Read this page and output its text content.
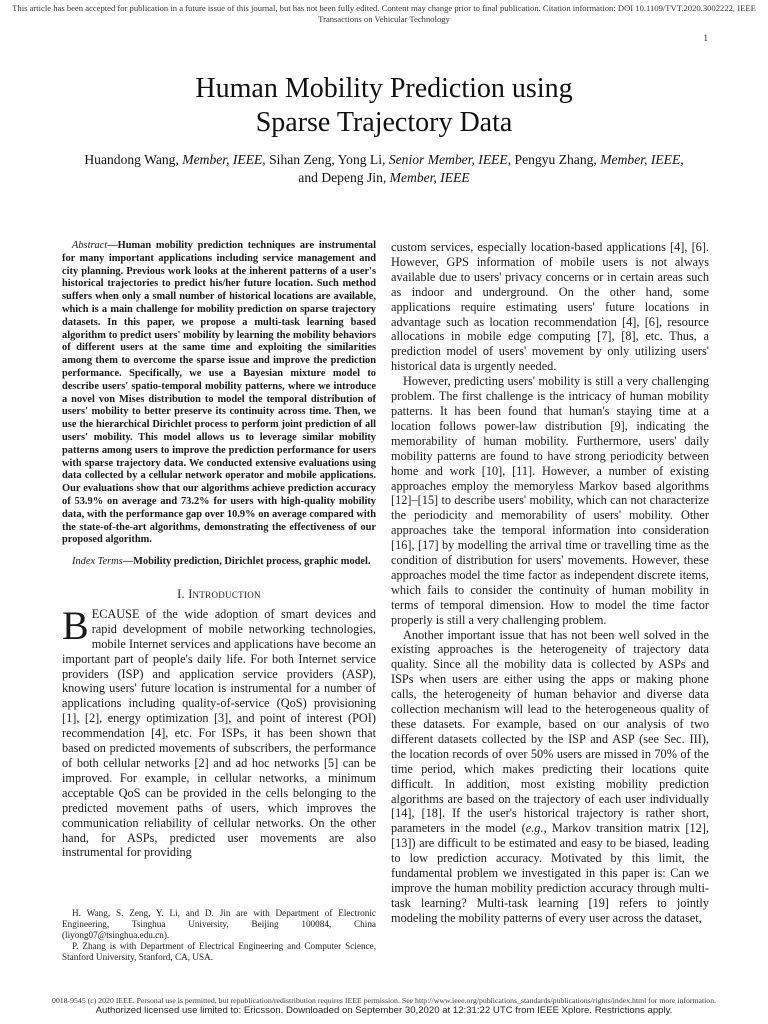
This article has been accepted for publication in a future issue of this journal, but has not been fully edited. Content may change prior to final publication. Citation information: DOI 10.1109/TVT.2020.3002222, IEEE
Transactions on Vehicular Technology
1
Human Mobility Prediction using
Sparse Trajectory Data
Huandong Wang, Member, IEEE, Sihan Zeng, Yong Li, Senior Member, IEEE, Pengyu Zhang, Member, IEEE,
and Depeng Jin, Member, IEEE

Abstract—Human mobility prediction techniques are instrumental for many important applications including service management and city planning. Previous work looks at the inherent patterns of a user's historical trajectories to predict his/her future location. Such method suffers when only a small number of historical locations are available, which is a main challenge for mobility prediction on sparse trajectory datasets. In this paper, we propose a multi-task learning based algorithm to predict users' mobility by learning the mobility behaviors of different users at the same time and exploiting the similarities among them to overcome the sparse issue and improve the prediction performance. Specifically, we use a Bayesian mixture model to describe users' spatio-temporal mobility patterns, where we introduce a novel von Mises distribution to model the temporal distribution of users' mobility to better preserve its continuity across time. Then, we use the hierarchical Dirichlet process to perform joint prediction of all users' mobility. This model allows us to leverage similar mobility patterns among users to improve the prediction performance for users with sparse trajectory data. We conducted extensive evaluations using data collected by a cellular network operator and mobile applications. Our evaluations show that our algorithms achieve prediction accuracy of 53.9% on average and 73.2% for users with high-quality mobility data, with the performance gap over 10.9% on average compared with the state-of-the-art algorithms, demonstrating the effectiveness of our proposed algorithm.

Index Terms—Mobility prediction, Dirichlet process, graphic model.

I. Introduction

BECAUSE of the wide adoption of smart devices and rapid development of mobile networking technologies, mobile Internet services and applications have become an important part of people's daily life. For both Internet service providers (ISP) and application service providers (ASP), knowing users' future location is instrumental for a number of applications including quality-of-service (QoS) provisioning [1], [2], energy optimization [3], and point of interest (POI) recommendation [4], etc. For ISPs, it has been shown that based on predicted movements of subscribers, the performance of both cellular networks [2] and ad hoc networks [5] can be improved. For example, in cellular networks, a minimum acceptable QoS can be provided in the cells belonging to the predicted movement paths of users, which improves the communication reliability of cellular networks. On the other hand, for ASPs, predicted user movements are also instrumental for providing

H. Wang, S. Zeng, Y. Li, and D. Jin are with Department of Electronic Engineering, Tsinghua University, Beijing 100084, China (liyong07@tsinghua.edu.cn).

P. Zhang is with Department of Electrical Engineering and Computer Science, Stanford University, Stanford, CA, USA.

custom services, especially location-based applications [4], [6]. However, GPS information of mobile users is not always available due to users' privacy concerns or in certain areas such as indoor and underground. On the other hand, some applications require estimating users' future locations in advantage such as location recommendation [4], [6], resource allocations in mobile edge computing [7], [8], etc. Thus, a prediction model of users' movement by only utilizing users' historical data is urgently needed.

However, predicting users' mobility is still a very challenging problem. The first challenge is the intricacy of human mobility patterns. It has been found that human's staying time at a location follows power-law distribution [9], indicating the memorability of human mobility. Furthermore, users' daily mobility patterns are found to have strong periodicity between home and work [10], [11]. However, a number of existing approaches employ the memoryless Markov based algorithms [12]–[15] to describe users' mobility, which can not characterize the periodicity and memorability of users' mobility. Other approaches take the temporal information into consideration [16], [17] by modelling the arrival time or travelling time as the condition of distribution for users' movements. However, these approaches model the time factor as independent discrete items, which fails to consider the continuity of human mobility in terms of temporal dimension. How to model the time factor properly is still a very challenging problem.

Another important issue that has not been well solved in the existing approaches is the heterogeneity of trajectory data quality. Since all the mobility data is collected by ASPs and ISPs when users are either using the apps or making phone calls, the heterogeneity of human behavior and diverse data collection mechanism will lead to the heterogeneous quality of these datasets. For example, based on our analysis of two different datasets collected by the ISP and ASP (see Sec. III), the location records of over 50% users are missed in 70% of the time period, which makes predicting their locations quite difficult. In addition, most existing mobility prediction algorithms are based on the trajectory of each user individually [14], [18]. If the user's historical trajectory is rather short, parameters in the model (e.g., Markov transition matrix [12], [13]) are difficult to be estimated and easy to be biased, leading to low prediction accuracy. Motivated by this limit, the fundamental problem we investigated in this paper is: Can we improve the human mobility prediction accuracy through multi-task learning? Multi-task learning [19] refers to jointly modeling the mobility patterns of every user across the dataset,

0018-9545 (c) 2020 IEEE. Personal use is permitted, but republication/redistribution requires IEEE permission. See http://www.ieee.org/publications_standards/publications/rights/index.html for more information.
Authorized licensed use limited to: Ericsson. Downloaded on September 30,2020 at 12:31:22 UTC from IEEE Xplore. Restrictions apply.
